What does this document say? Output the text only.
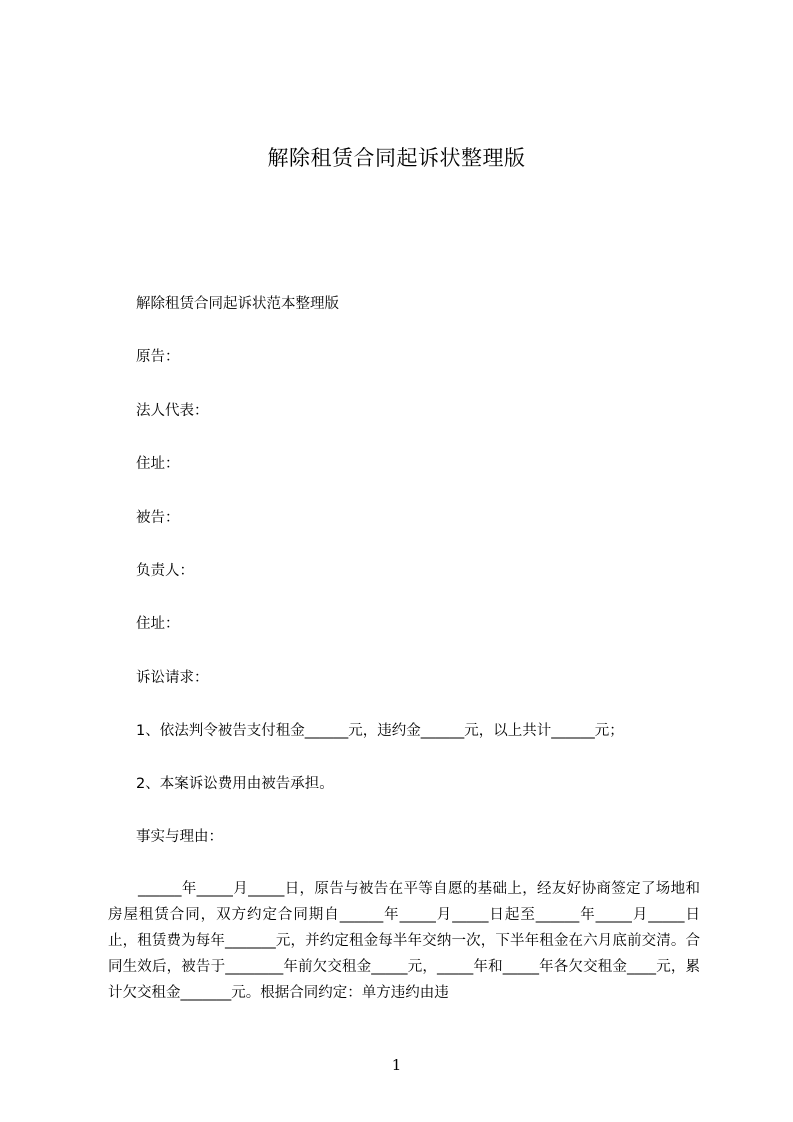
解除租赁合同起诉状整理版
解除租赁合同起诉状范本整理版
原告：
法人代表：
住址：
被告：
负责人：
住址：
诉讼请求：
1、依法判令被告支付租金______元，违约金______元，以上共计______元；
2、本案诉讼费用由被告承担。
事实与理由：
______年_____月_____日，原告与被告在平等自愿的基础上，经友好协商签定了场地和房屋租赁合同，双方约定合同期自______年_____月_____日起至______年_____月_____日止，租赁费为每年_______元，并约定租金每半年交纳一次，下半年租金在六月底前交清。合同生效后，被告于________年前欠交租金_____元，_____年和_____年各欠交租金____元，累计欠交租金_______元。根据合同约定：单方违约由违
1
